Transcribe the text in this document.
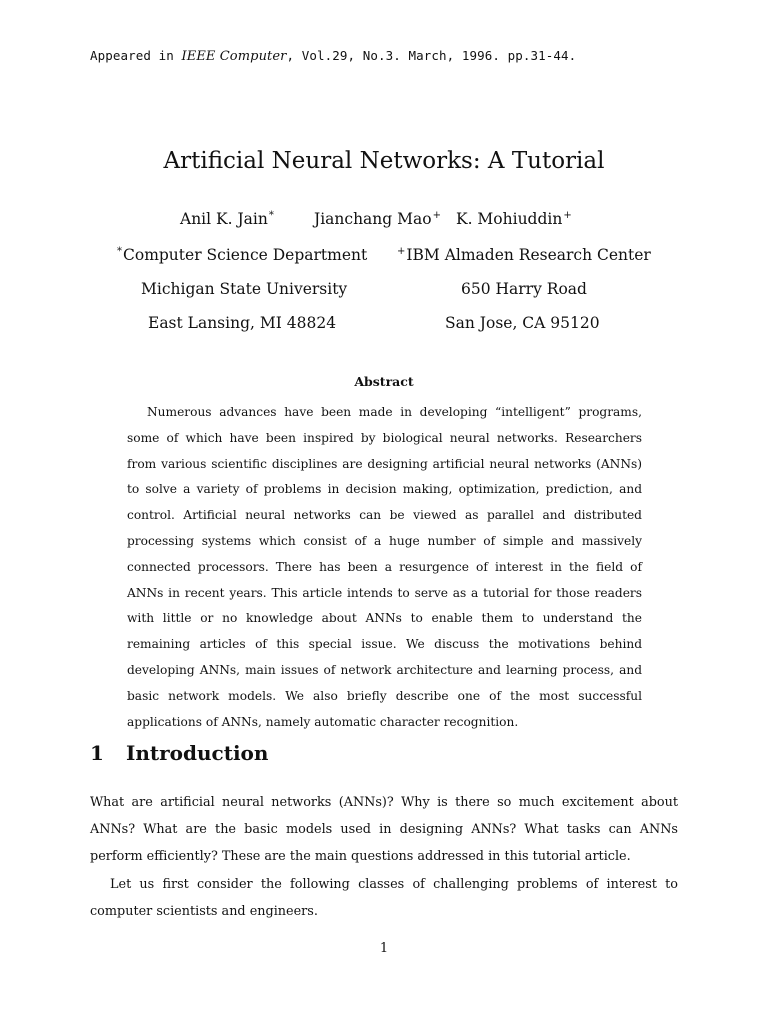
Appeared in IEEE Computer, Vol.29, No.3. March, 1996. pp.31-44.
Artificial Neural Networks: A Tutorial
Anil K. Jain*	Jianchang Mao+ K. Mohiuddin+
*Computer Science Department
Michigan State University
East Lansing, MI 48824
+IBM Almaden Research Center
650 Harry Road
San Jose, CA 95120
Abstract

Numerous advances have been made in developing “intelligent” programs, some of which have been inspired by biological neural networks. Researchers from various scientific disciplines are designing artificial neural networks (ANNs) to solve a variety of problems in decision making, optimization, prediction, and control. Artificial neural networks can be viewed as parallel and distributed processing systems which consist of a huge number of simple and massively connected processors. There has been a resurgence of interest in the field of ANNs in recent years. This article intends to serve as a tutorial for those readers with little or no knowledge about ANNs to enable them to understand the remaining articles of this special issue. We discuss the motivations behind developing ANNs, main issues of network architecture and learning process, and basic network models. We also briefly describe one of the most successful applications of ANNs, namely automatic character recognition.

1 Introduction

What are artificial neural networks (ANNs)? Why is there so much excitement about ANNs? What are the basic models used in designing ANNs? What tasks can ANNs perform efficiently? These are the main questions addressed in this tutorial article.

Let us first consider the following classes of challenging problems of interest to computer scientists and engineers.

1
